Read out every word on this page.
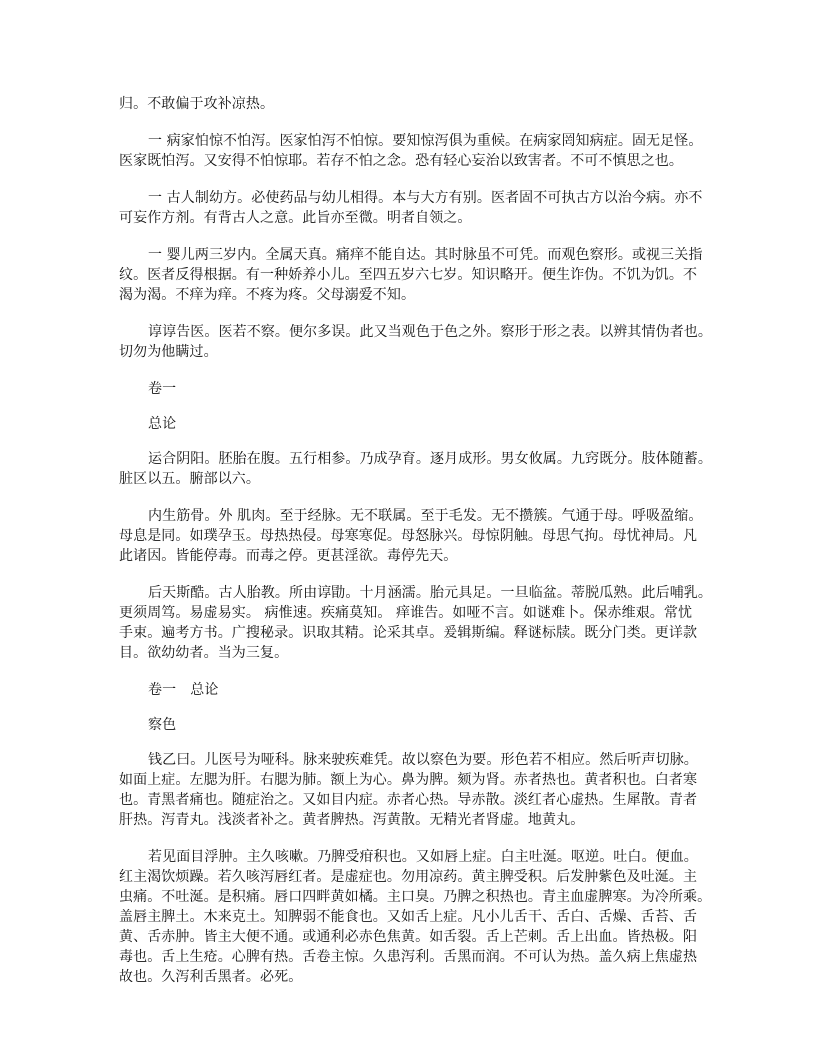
归。不敢偏于攻补凉热。
一 病家怕惊不怕泻。医家怕泻不怕惊。要知惊泻俱为重候。在病家罔知病症。固无足怪。
医家既怕泻。又安得不怕惊耶。若存不怕之念。恐有轻心妄治以致害者。不可不慎思之也。
一 古人制幼方。必使药品与幼儿相得。本与大方有别。医者固不可执古方以治今病。亦不
可妄作方剂。有背古人之意。此旨亦至微。明者自领之。
一 婴儿两三岁内。全属天真。痛痒不能自达。其时脉虽不可凭。而观色察形。或视三关指
纹。医者反得根据。有一种娇养小儿。至四五岁六七岁。知识略开。便生诈伪。不饥为饥。不
渴为渴。不痒为痒。不疼为疼。父母溺爱不知。
谆谆告医。医若不察。便尔多误。此又当观色于色之外。察形于形之表。以辨其情伪者也。
切勿为他瞒过。
卷一
总论
运合阴阳。胚胎在腹。五行相参。乃成孕育。逐月成形。男女攸属。九窍既分。肢体随蓄。
脏区以五。腑部以六。
内生筋骨。外 肌肉。至于经脉。无不联属。至于毛发。无不攒簇。气通于母。呼吸盈缩。
母息是同。如璞孕玉。母热热侵。母寒寒促。母怒脉兴。母惊阴触。母思气拘。母忧神局。凡
此诸因。皆能停毒。而毒之停。更甚淫欲。毒停先天。
后天斯酷。古人胎教。所由谆勖。十月涵濡。胎元具足。一旦临盆。蒂脱瓜熟。此后哺乳。
更须周笃。易虚易实。 病惟速。疾痛莫知。 痒谁告。如哑不言。如谜难卜。保赤维艰。常忧
手束。遍考方书。广搜秘录。识取其精。论采其卓。爰辑斯编。释谜标牍。既分门类。更详款
目。欲幼幼者。当为三复。
卷一　总论
察色
钱乙曰。儿医号为哑科。脉来驶疾难凭。故以察色为要。形色若不相应。然后听声切脉。
如面上症。左腮为肝。右腮为肺。额上为心。鼻为脾。颏为肾。赤者热也。黄者积也。白者寒
也。青黑者痛也。随症治之。又如目内症。赤者心热。导赤散。淡红者心虚热。生犀散。青者
肝热。泻青丸。浅淡者补之。黄者脾热。泻黄散。无精光者肾虚。地黄丸。
若见面目浮肿。主久咳嗽。乃脾受疳积也。又如唇上症。白主吐涎。呕逆。吐白。便血。
红主渴饮烦躁。若久咳泻唇红者。是虚症也。勿用凉药。黄主脾受积。后发肿紫色及吐涎。主
虫痛。不吐涎。是积痛。唇口四畔黄如橘。主口臭。乃脾之积热也。青主血虚脾寒。为冷所乘。
盖唇主脾土。木来克土。知脾弱不能食也。又如舌上症。凡小儿舌干、舌白、舌燥、舌苔、舌
黄、舌赤肿。皆主大便不通。或通利必赤色焦黄。如舌裂。舌上芒刺。舌上出血。皆热极。阳
毒也。舌上生疮。心脾有热。舌卷主惊。久患泻利。舌黑而润。不可认为热。盖久病上焦虚热
故也。久泻利舌黑者。必死。
